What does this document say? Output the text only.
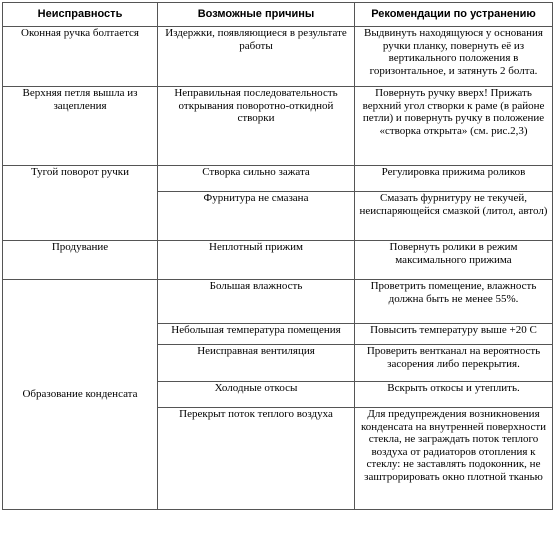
Неисправность	Возможные причины	Рекомендации по устранению
Оконная ручка болтается	Издержки, появляющиеся в результате работы	Выдвинуть находящуюся у основания ручки планку, повернуть её из вертикального положения в горизонтальное, и затянуть 2 болта.
Верхняя петля вышла из зацепления	Неправильная последовательность открывания поворотно-откидной створки	Повернуть ручку вверх! Прижать верхний угол створки к раме (в районе петли) и повернуть ручку в положение «створка открыта» (см. рис.2,3)
Тугой поворот ручки	Створка сильно зажата	Регулировка прижима роликов
	Фурнитура не смазана	Смазать фурнитуру не текучей, неиспаряющейся смазкой (литол, автол)
Продувание	Неплотный прижим	Повернуть ролики в режим максимального прижима
Образование конденсата	Большая влажность	Проветрить помещение, влажность должна быть не менее 55%.
	Небольшая температура помещения	Повысить температуру выше +20 С
	Неисправная вентиляция	Проверить вентканал на вероятность засорения либо перекрытия.
	Холодные откосы	Вскрыть откосы и утеплить.
	Перекрыт поток теплого воздуха	Для предупреждения возникновения конденсата на внутренней поверхности стекла, не заграждать поток теплого воздуха от радиаторов отопления к стеклу: не заставлять подоконник, не заштрорировать окно плотной тканью
